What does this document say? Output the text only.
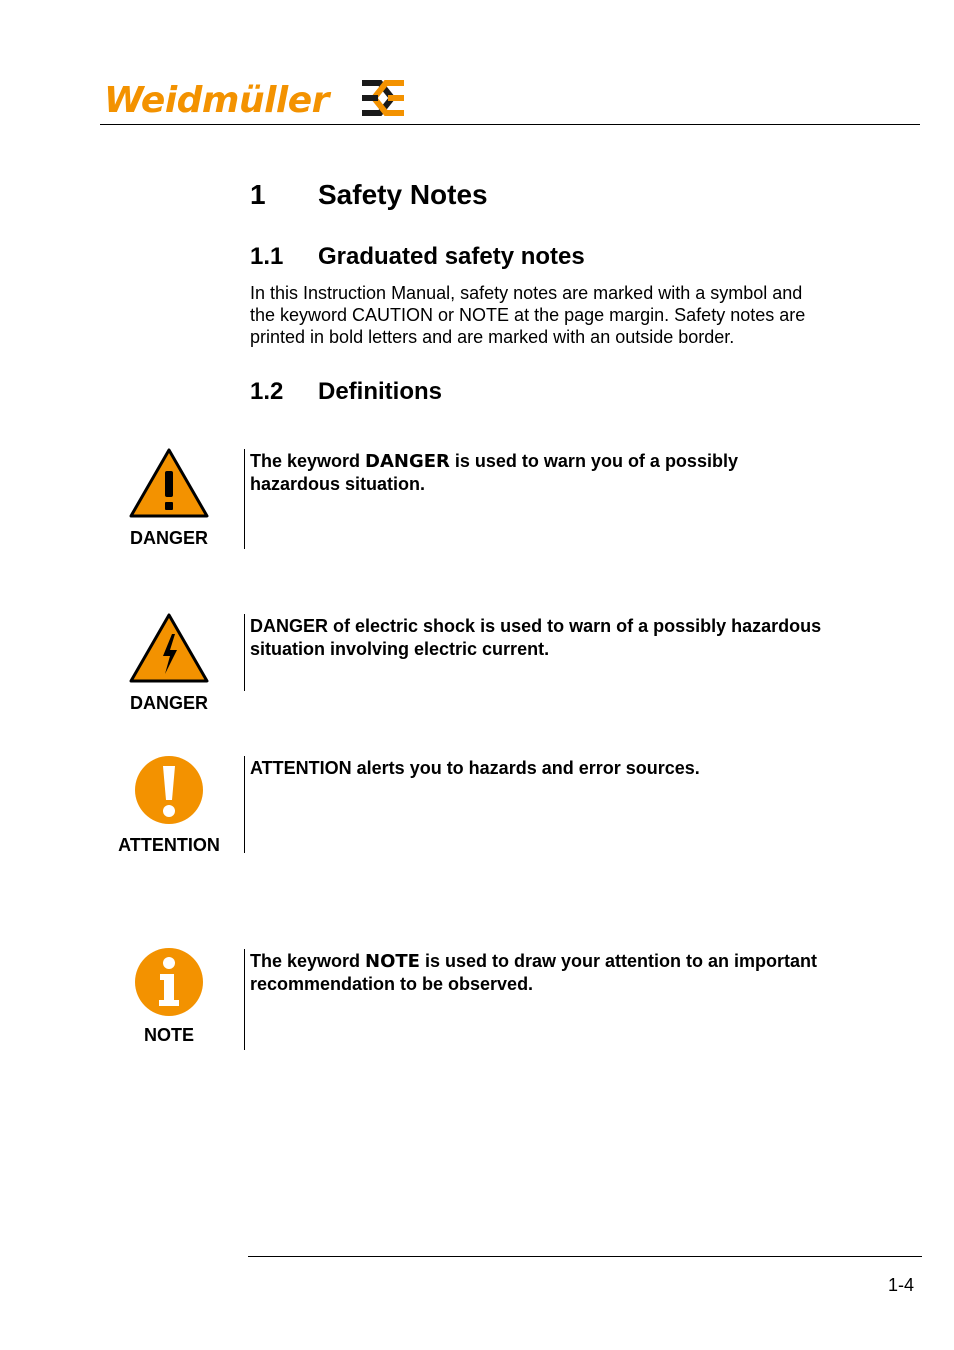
Weidmüller
1 Safety Notes
1.1 Graduated safety notes
In this Instruction Manual, safety notes are marked with a symbol and
the keyword CAUTION or NOTE at the page margin. Safety notes are
printed in bold letters and are marked with an outside border.
1.2 Definitions
DANGER
The keyword DANGER is used to warn you of a possibly
hazardous situation.
DANGER
DANGER of electric shock is used to warn of a possibly hazardous
situation involving electric current.
ATTENTION
ATTENTION alerts you to hazards and error sources.
NOTE
The keyword NOTE is used to draw your attention to an important
recommendation to be observed.
1-4
